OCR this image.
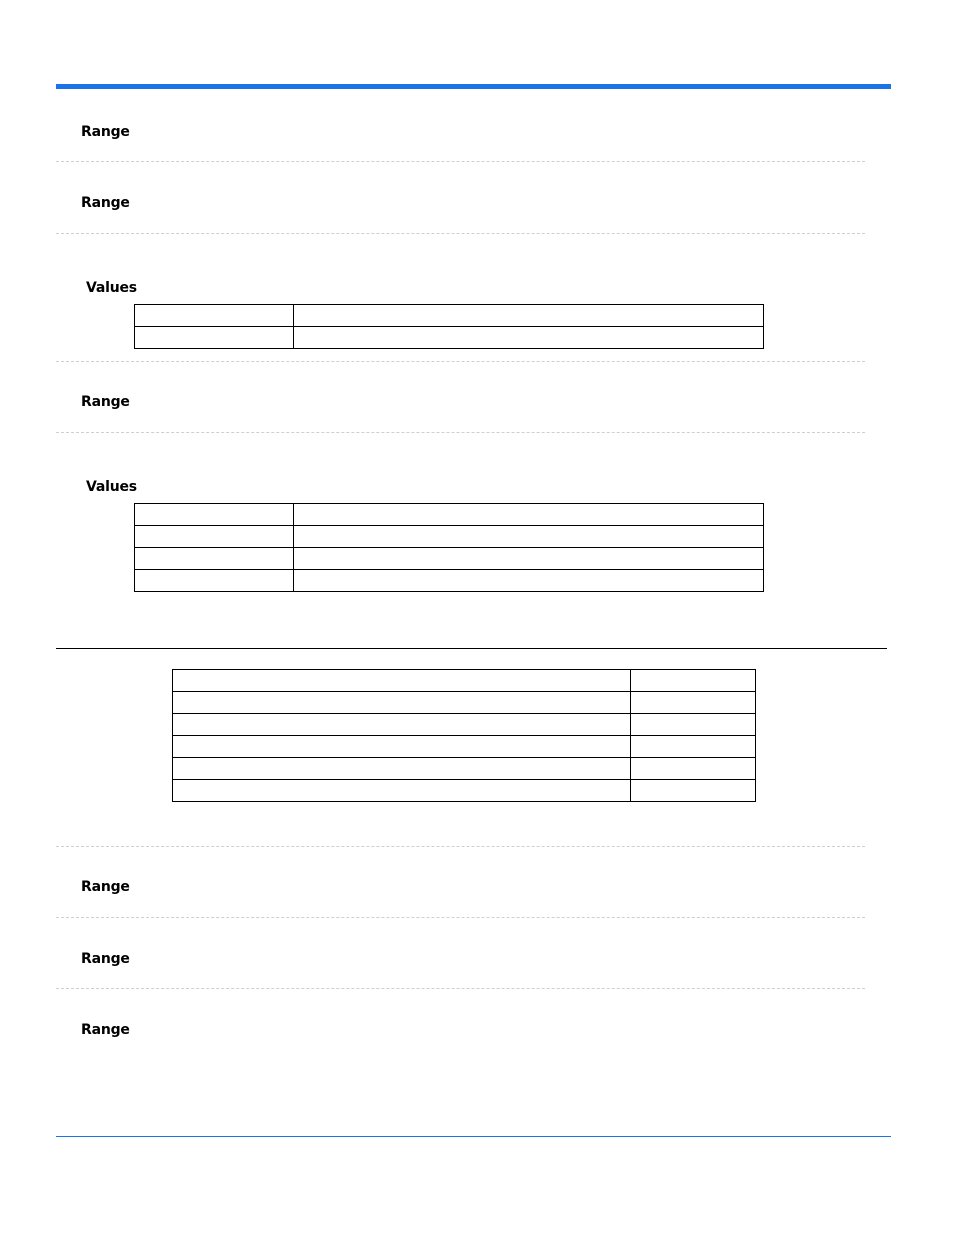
Range
Range
Values

Range
Values

Range
Range
Range
